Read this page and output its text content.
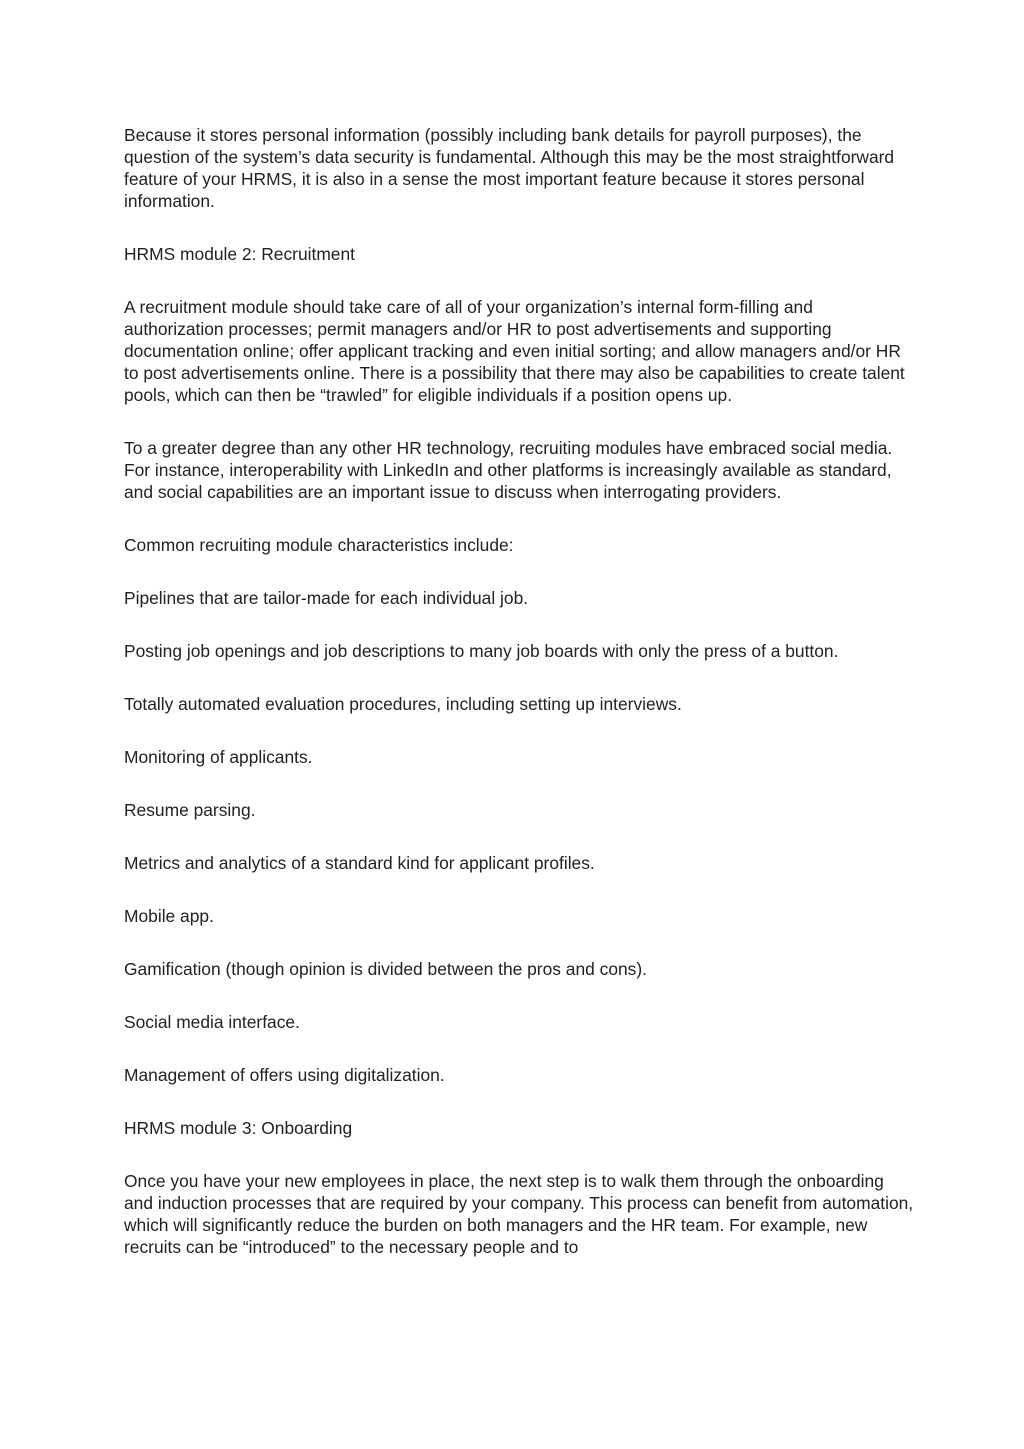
Because it stores personal information (possibly including bank details for payroll purposes), the question of the system’s data security is fundamental. Although this may be the most straightforward feature of your HRMS, it is also in a sense the most important feature because it stores personal information.

HRMS module 2: Recruitment

A recruitment module should take care of all of your organization’s internal form-filling and authorization processes; permit managers and/or HR to post advertisements and supporting documentation online; offer applicant tracking and even initial sorting; and allow managers and/or HR to post advertisements online. There is a possibility that there may also be capabilities to create talent pools, which can then be “trawled” for eligible individuals if a position opens up.

To a greater degree than any other HR technology, recruiting modules have embraced social media. For instance, interoperability with LinkedIn and other platforms is increasingly available as standard, and social capabilities are an important issue to discuss when interrogating providers.

Common recruiting module characteristics include:

Pipelines that are tailor-made for each individual job.

Posting job openings and job descriptions to many job boards with only the press of a button.

Totally automated evaluation procedures, including setting up interviews.

Monitoring of applicants.

Resume parsing.

Metrics and analytics of a standard kind for applicant profiles.

Mobile app.

Gamification (though opinion is divided between the pros and cons).

Social media interface.

Management of offers using digitalization.

HRMS module 3: Onboarding

Once you have your new employees in place, the next step is to walk them through the onboarding and induction processes that are required by your company. This process can benefit from automation, which will significantly reduce the burden on both managers and the HR team. For example, new recruits can be “introduced” to the necessary people and to
